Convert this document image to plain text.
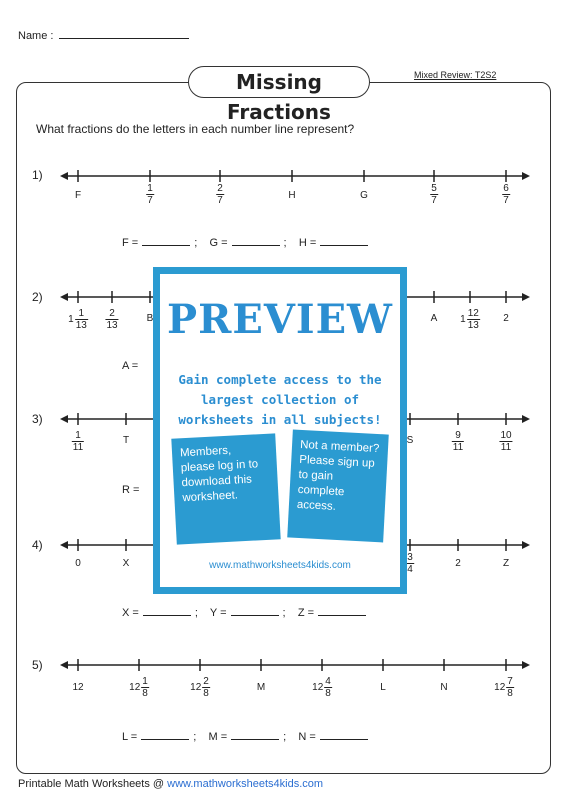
Name :
Missing Fractions
Mixed Review: T2S2
What fractions do the letters in each number line represent?
1)
F	$\frac{1}{7}$	$\frac{2}{7}$	H	G	$\frac{5}{7}$	$\frac{6}{7}$
F =	;    G =	;    H =
2)
$1 \frac{1}{13} \frac{2}{13}$	B	A $1 \frac{12}{13} 2$
A =
3)
$\frac{1}{11}$	T	S	$\frac{9}{11}$	$\frac{10}{11}$
R =
4)
0	X	$\frac{3}{4}$	2	Z
X =	;    Y =	;    Z =
5)
12	$12 \frac{1}{8}$	$12 \frac{2}{8}$	M	$12 \frac{4}{8}$	L	N	$12 \frac{7}{8}$
L =	;    M =	;    N =
PREVIEW
Gain complete access to the largest collection of worksheets in all subjects!
Members, please log in to download this worksheet.
Not a member? Please sign up to gain complete access.
www.mathworksheets4kids.com
Printable Math Worksheets @ www.mathworksheets4kids.com
